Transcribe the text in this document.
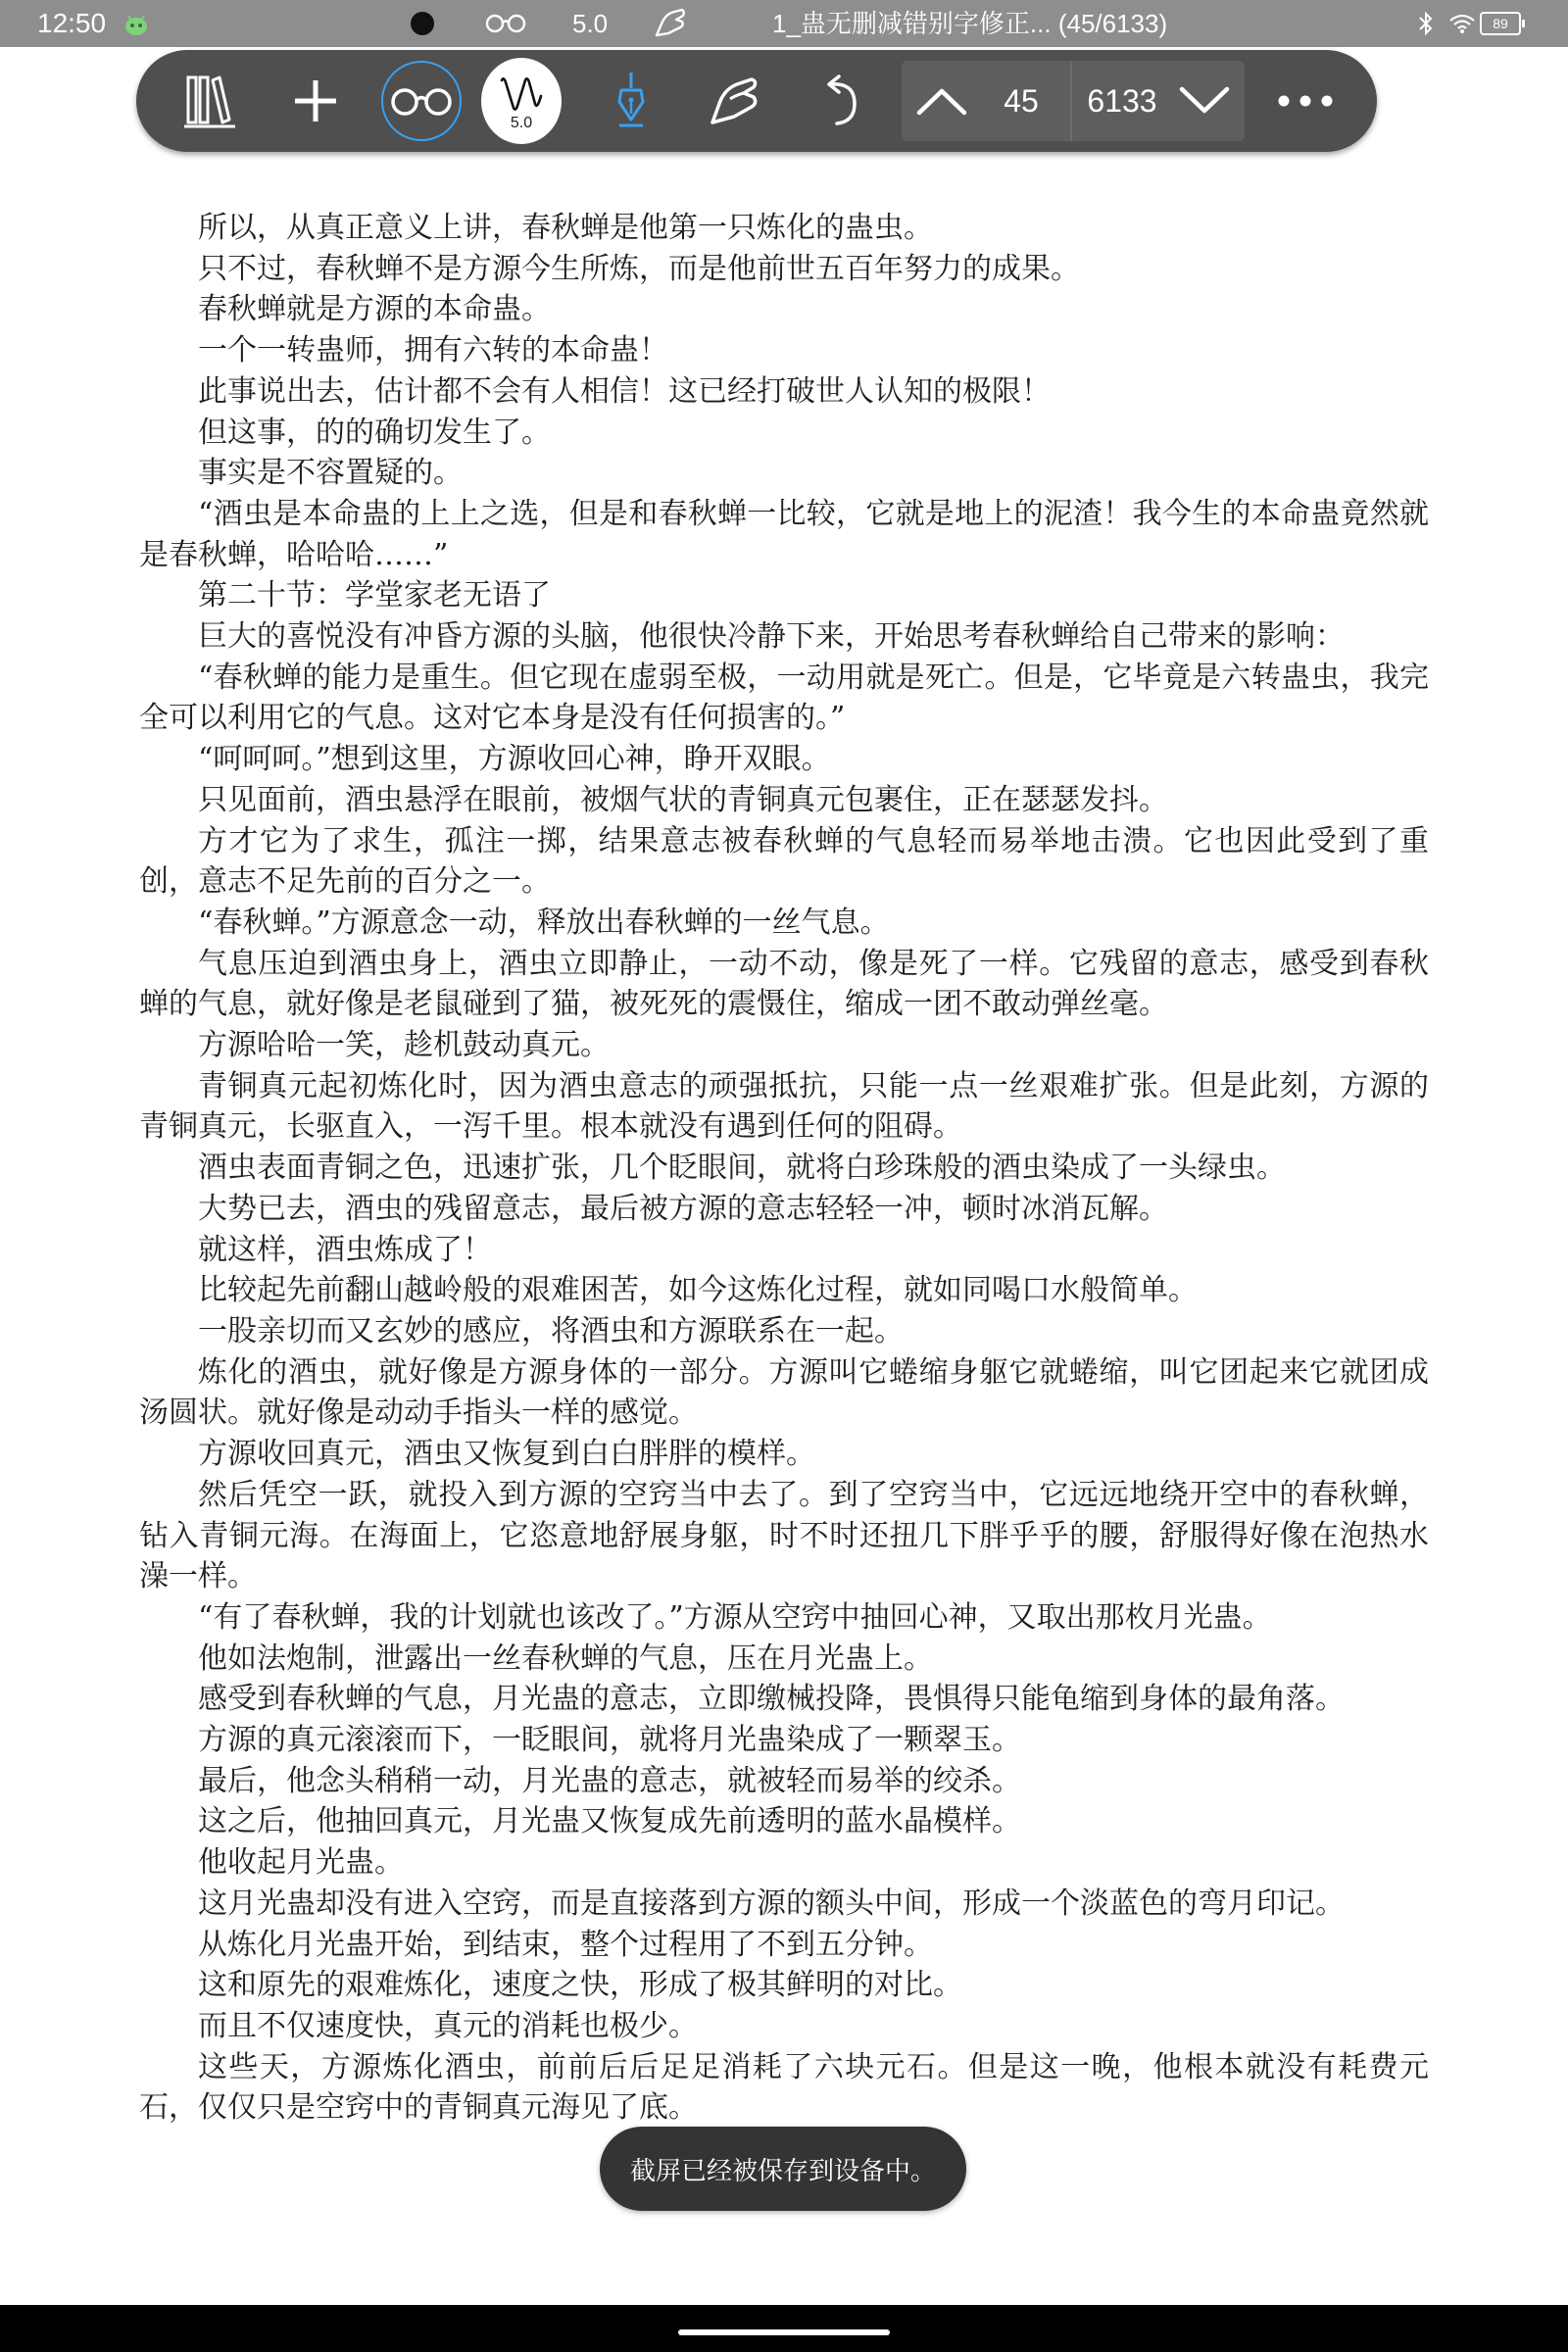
12:50	5.0	1_蛊无删减错别字修正...
(45/6133)	89
5.0
45	6133

所以，从真正意义上讲，春秋蝉是他第一只炼化的蛊虫。

只不过，春秋蝉不是方源今生所炼，而是他前世五百年努力的成果。

春秋蝉就是方源的本命蛊。

一个一转蛊师，拥有六转的本命蛊！

此事说出去，估计都不会有人相信！这已经打破世人认知的极限！

但这事，的的确切发生了。

事实是不容置疑的。

“酒虫是本命蛊的上上之选，但是和春秋蝉一比较，它就是地上的泥渣！我今生的本命蛊竟然就是春秋蝉，哈哈哈……”

第二十节：学堂家老无语了

巨大的喜悦没有冲昏方源的头脑，他很快冷静下来，开始思考春秋蝉给自己带来的影响：

“春秋蝉的能力是重生。但它现在虚弱至极，一动用就是死亡。但是，它毕竟是六转蛊虫，我完全可以利用它的气息。这对它本身是没有任何损害的。”

“呵呵呵。”想到这里，方源收回心神，睁开双眼。

只见面前，酒虫悬浮在眼前，被烟气状的青铜真元包裹住，正在瑟瑟发抖。

方才它为了求生，孤注一掷，结果意志被春秋蝉的气息轻而易举地击溃。它也因此受到了重创，意志不足先前的百分之一。

“春秋蝉。”方源意念一动，释放出春秋蝉的一丝气息。

气息压迫到酒虫身上，酒虫立即静止，一动不动，像是死了一样。它残留的意志，感受到春秋蝉的气息，就好像是老鼠碰到了猫，被死死的震慑住，缩成一团不敢动弹丝毫。

方源哈哈一笑，趁机鼓动真元。

青铜真元起初炼化时，因为酒虫意志的顽强抵抗，只能一点一丝艰难扩张。但是此刻，方源的青铜真元，长驱直入，一泻千里。根本就没有遇到任何的阻碍。

酒虫表面青铜之色，迅速扩张，几个眨眼间，就将白珍珠般的酒虫染成了一头绿虫。

大势已去，酒虫的残留意志，最后被方源的意志轻轻一冲，顿时冰消瓦解。

就这样，酒虫炼成了！

比较起先前翻山越岭般的艰难困苦，如今这炼化过程，就如同喝口水般简单。

一股亲切而又玄妙的感应，将酒虫和方源联系在一起。

炼化的酒虫，就好像是方源身体的一部分。方源叫它蜷缩身躯它就蜷缩，叫它团起来它就团成汤圆状。就好像是动动手指头一样的感觉。

方源收回真元，酒虫又恢复到白白胖胖的模样。

然后凭空一跃，就投入到方源的空窍当中去了。到了空窍当中，它远远地绕开空中的春秋蝉，钻入青铜元海。在海面上，它恣意地舒展身躯，时不时还扭几下胖乎乎的腰，舒服得好像在泡热水澡一样。

“有了春秋蝉，我的计划就也该改了。”方源从空窍中抽回心神，又取出那枚月光蛊。

他如法炮制，泄露出一丝春秋蝉的气息，压在月光蛊上。

感受到春秋蝉的气息，月光蛊的意志，立即缴械投降，畏惧得只能龟缩到身体的最角落。

方源的真元滚滚而下，一眨眼间，就将月光蛊染成了一颗翠玉。

最后，他念头稍稍一动，月光蛊的意志，就被轻而易举的绞杀。

这之后，他抽回真元，月光蛊又恢复成先前透明的蓝水晶模样。

他收起月光蛊。

这月光蛊却没有进入空窍，而是直接落到方源的额头中间，形成一个淡蓝色的弯月印记。

从炼化月光蛊开始，到结束，整个过程用了不到五分钟。

这和原先的艰难炼化，速度之快，形成了极其鲜明的对比。

而且不仅速度快，真元的消耗也极少。

这些天，方源炼化酒虫，前前后后足足消耗了六块元石。但是这一晚，他根本就没有耗费元石，仅仅只是空窍中的青铜真元海见了底。

截屏已经被保存到设备中。
